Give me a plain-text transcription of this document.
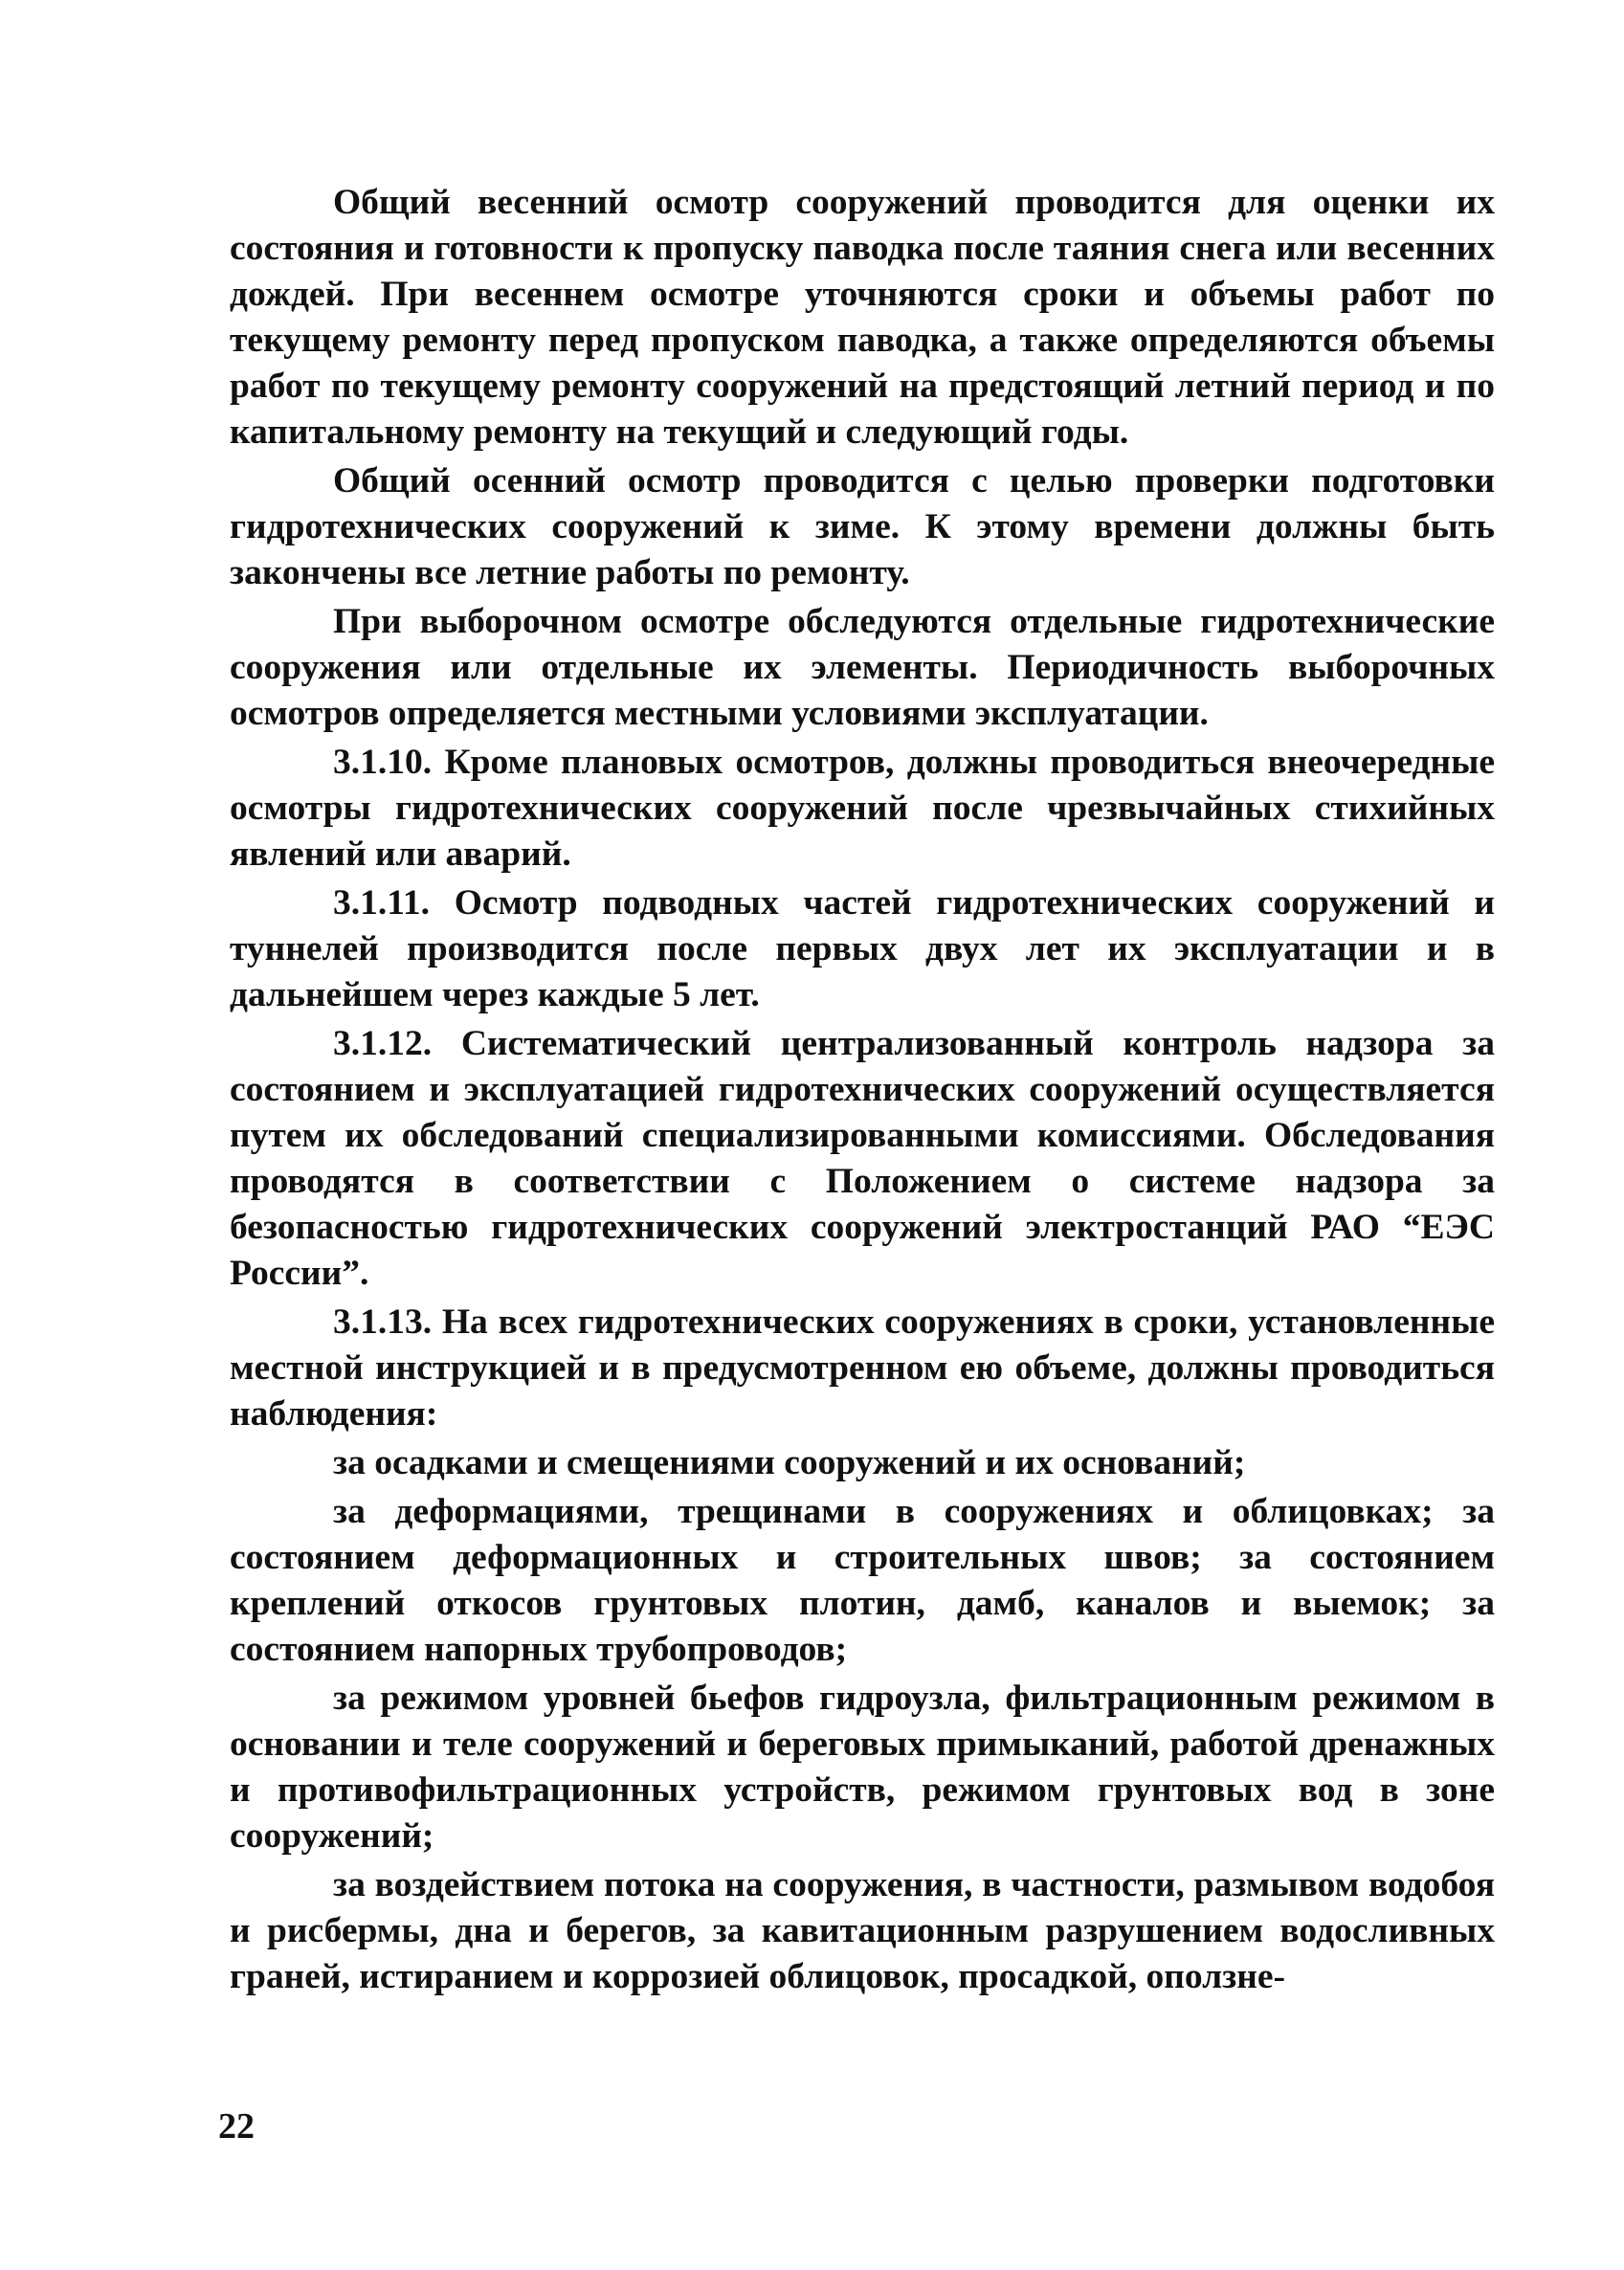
Общий весенний осмотр сооружений проводится для оценки их состояния и готовности к пропуску паводка после таяния снега или весенних дождей. При весеннем осмотре уточняются сроки и объемы работ по текущему ремонту перед пропуском паводка, а также определяются объемы работ по текущему ремонту сооружений на предстоящий летний период и по капитальному ремонту на текущий и следующий годы.

Общий осенний осмотр проводится с целью проверки подготовки гидротехнических сооружений к зиме. К этому времени должны быть закончены все летние работы по ремонту.

При выборочном осмотре обследуются отдельные гидротехнические сооружения или отдельные их элементы. Периодичность выборочных осмотров определяется местными условиями эксплуатации.

3.1.10. Кроме плановых осмотров, должны проводиться внеочередные осмотры гидротехнических сооружений после чрезвычайных стихийных явлений или аварий.

3.1.11. Осмотр подводных частей гидротехнических сооружений и туннелей производится после первых двух лет их эксплуатации и в дальнейшем через каждые 5 лет.

3.1.12. Систематический централизованный контроль надзора за состоянием и эксплуатацией гидротехнических сооружений осуществляется путем их обследований специализированными комиссиями. Обследования проводятся в соответствии с Положением о системе надзора за безопасностью гидротехнических сооружений электростанций РАО “ЕЭС России”.

3.1.13. На всех гидротехнических сооружениях в сроки, установленные местной инструкцией и в предусмотренном ею объеме, должны проводиться наблюдения:

за осадками и смещениями сооружений и их оснований;

за деформациями, трещинами в сооружениях и облицовках; за состоянием деформационных и строительных швов; за состоянием креплений откосов грунтовых плотин, дамб, каналов и выемок; за состоянием напорных трубопроводов;

за режимом уровней бьефов гидроузла, фильтрационным режимом в основании и теле сооружений и береговых примыканий, работой дренажных и противофильтрационных устройств, режимом грунтовых вод в зоне сооружений;

за воздействием потока на сооружения, в частности, размывом водобоя и рисбермы, дна и берегов, за кавитационным разрушением водосливных граней, истиранием и коррозией облицовок, просадкой, оползне-

22
